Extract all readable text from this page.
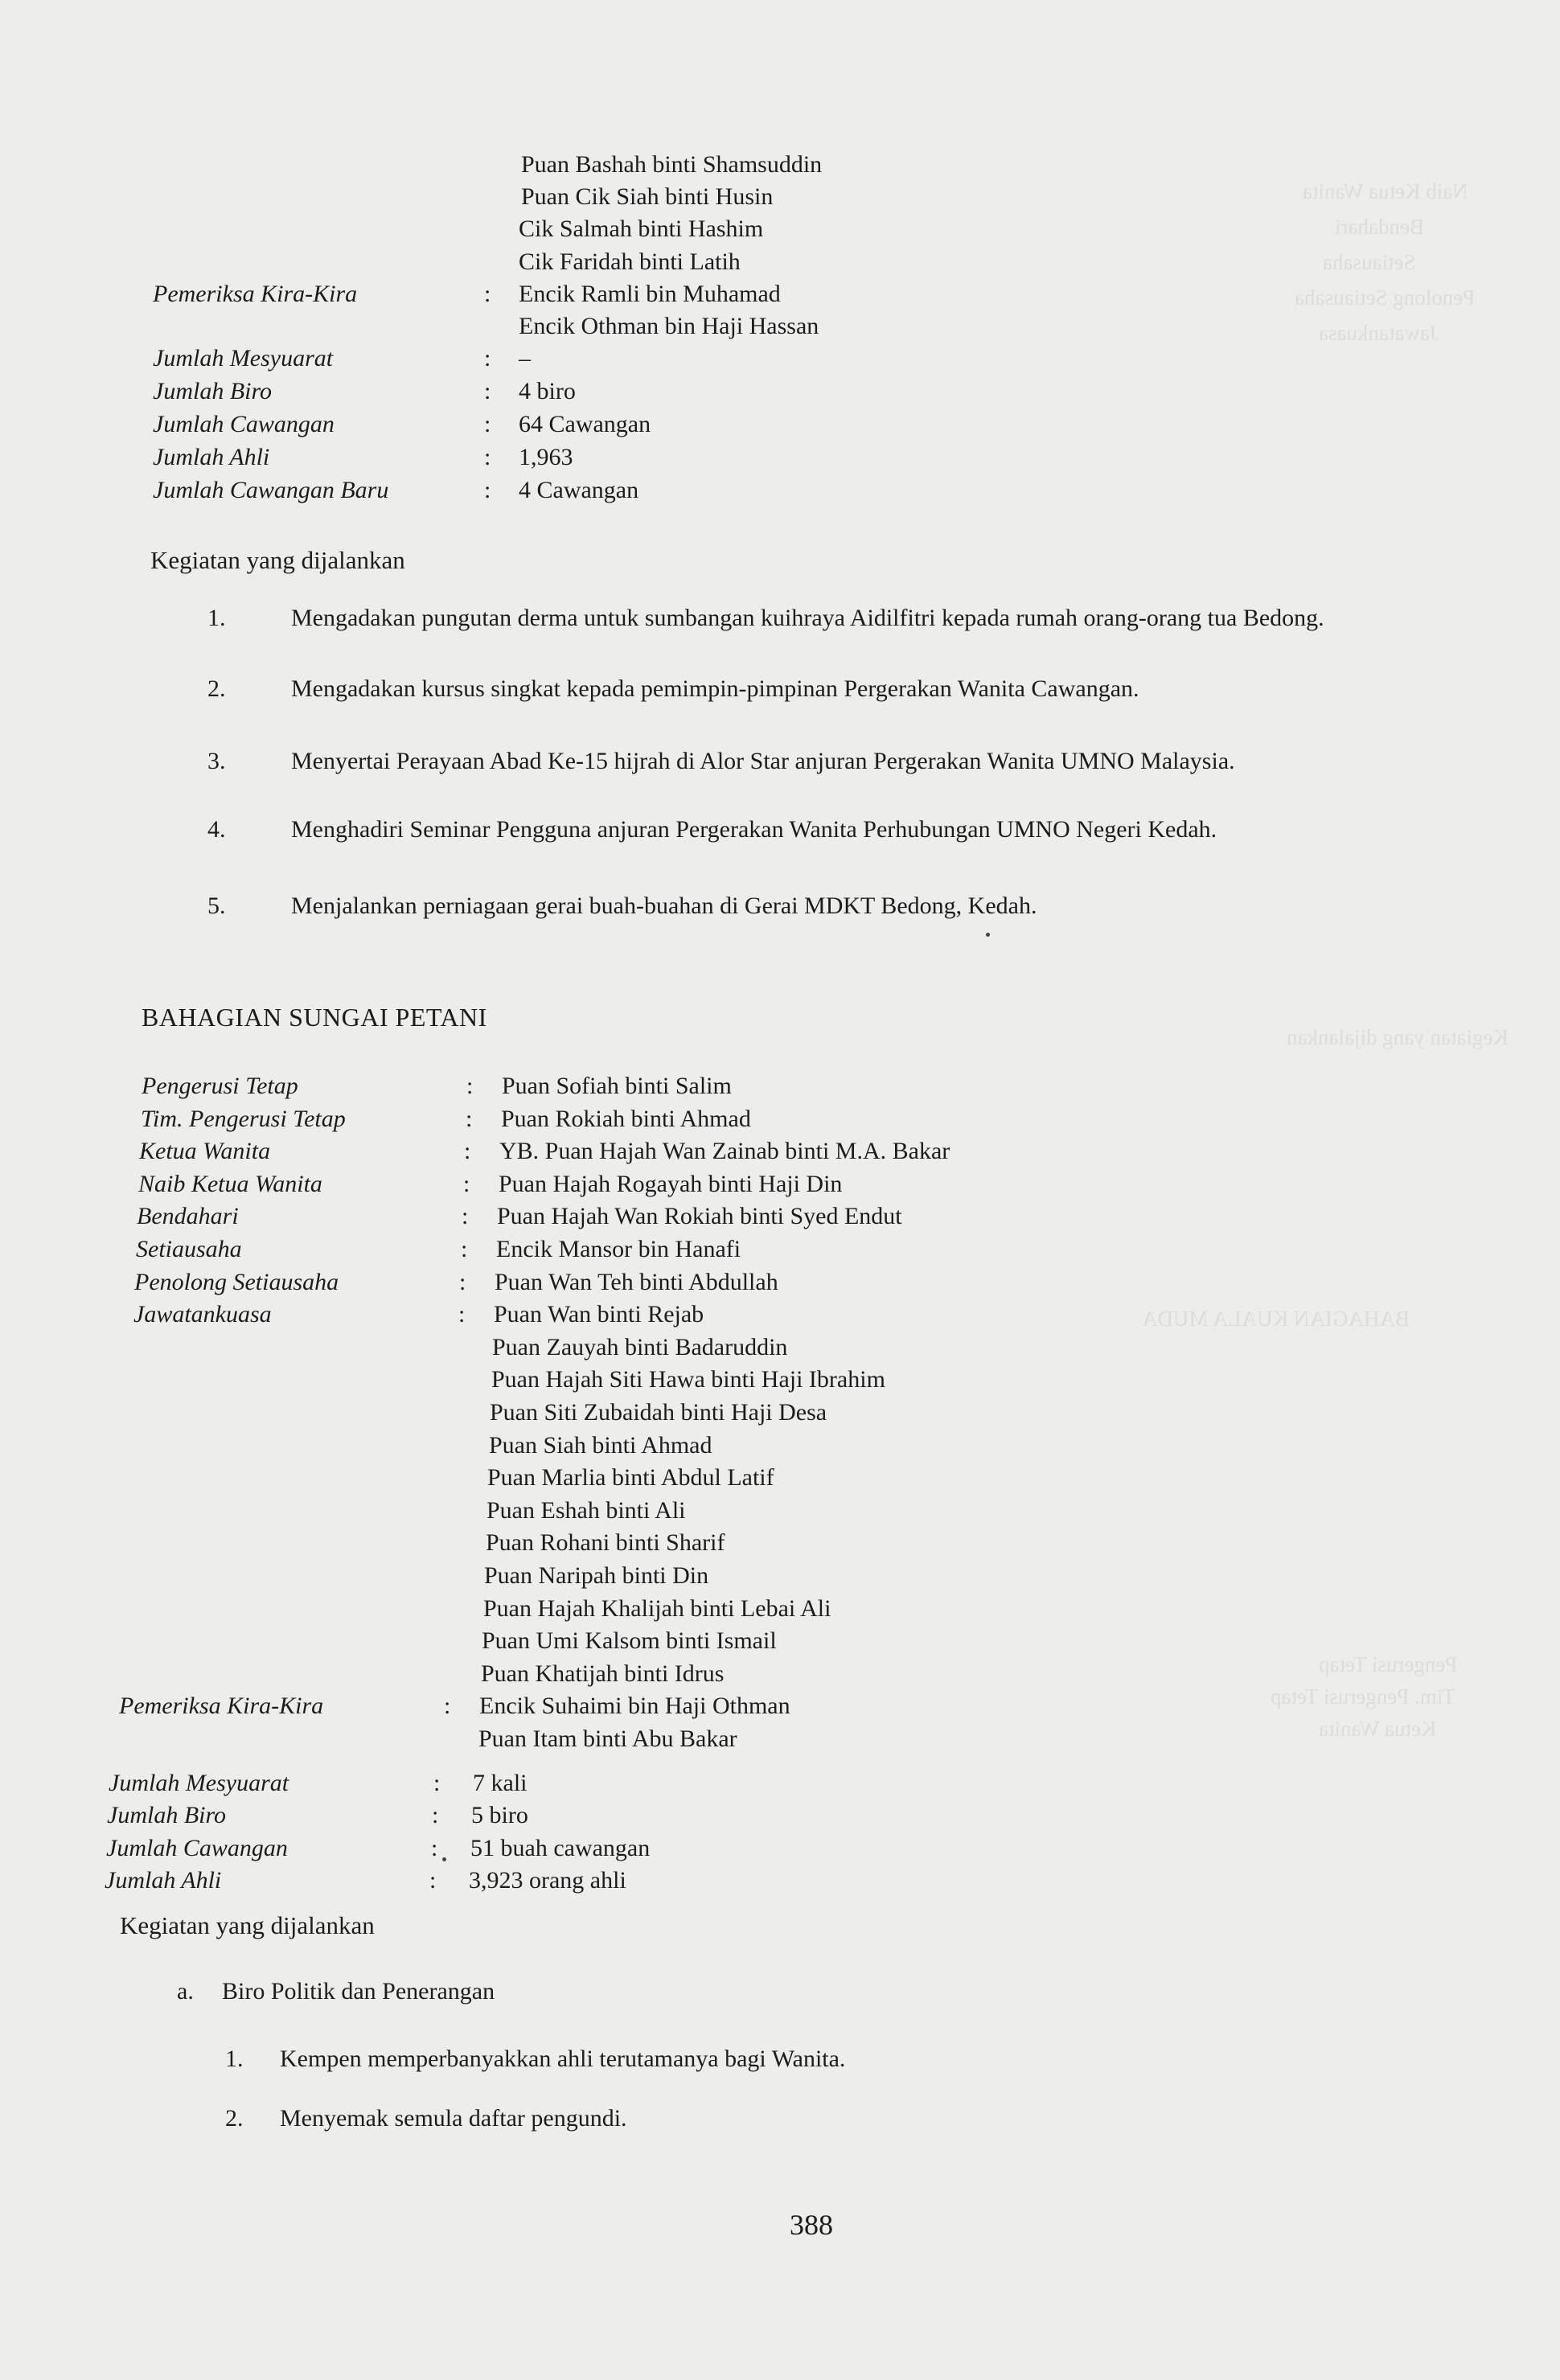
Naib Ketua Wanita
Bendahari
Setiausaha
Penolong Setiausaha
Jawatankuasa
Kegiatan yang dijalankan
BAHAGIAN KUALA MUDA
Pengerusi Tetap
Tim. Pengerusi Tetap
Ketua Wanita
Puan Bashah binti Shamsuddin
Puan Cik Siah binti Husin
Cik Salmah binti Hashim
Cik Faridah binti Latih
Pemeriksa Kira-Kira	: Encik Ramli bin Muhamad
Encik Othman bin Haji Hassan
Jumlah Mesyuarat	: –
Jumlah Biro	: 4 biro
Jumlah Cawangan	: 64 Cawangan
Jumlah Ahli	: 1,963
Jumlah Cawangan Baru	: 4 Cawangan
Kegiatan yang dijalankan
1.	Mengadakan pungutan derma untuk sumbangan kuihraya Aidilfitri kepada rumah orang-orang tua Bedong.
2.	Mengadakan kursus singkat kepada pemimpin-pimpinan Pergerakan Wanita Cawangan.
3.	Menyertai Perayaan Abad Ke-15 hijrah di Alor Star anjuran Pergerakan Wanita UMNO Malaysia.
4.	Menghadiri Seminar Pengguna anjuran Pergerakan Wanita Perhubungan UMNO Negeri Kedah.
5.	Menjalankan perniagaan gerai buah-buahan di Gerai MDKT Bedong, Kedah.
BAHAGIAN SUNGAI PETANI
Pengerusi Tetap	: Puan Sofiah binti Salim
Tim. Pengerusi Tetap	: Puan Rokiah binti Ahmad
Ketua Wanita	: YB. Puan Hajah Wan Zainab binti M.A. Bakar
Naib Ketua Wanita	: Puan Hajah Rogayah binti Haji Din
Bendahari	: Puan Hajah Wan Rokiah binti Syed Endut
Setiausaha	: Encik Mansor bin Hanafi
Penolong Setiausaha	: Puan Wan Teh binti Abdullah
Jawatankuasa	: Puan Wan binti Rejab
Puan Zauyah binti Badaruddin
Puan Hajah Siti Hawa binti Haji Ibrahim
Puan Siti Zubaidah binti Haji Desa
Puan Siah binti Ahmad
Puan Marlia binti Abdul Latif
Puan Eshah binti Ali
Puan Rohani binti Sharif
Puan Naripah binti Din
Puan Hajah Khalijah binti Lebai Ali
Puan Umi Kalsom binti Ismail
Puan Khatijah binti Idrus
Pemeriksa Kira-Kira	: Encik Suhaimi bin Haji Othman
Puan Itam binti Abu Bakar
Jumlah Mesyuarat	: 7 kali
Jumlah Biro	: 5 biro
Jumlah Cawangan	: 51 buah cawangan
Jumlah Ahli	: 3,923 orang ahli
Kegiatan yang dijalankan
a. Biro Politik dan Penerangan
1. Kempen memperbanyakkan ahli terutamanya bagi Wanita.
2. Menyemak semula daftar pengundi.
388
